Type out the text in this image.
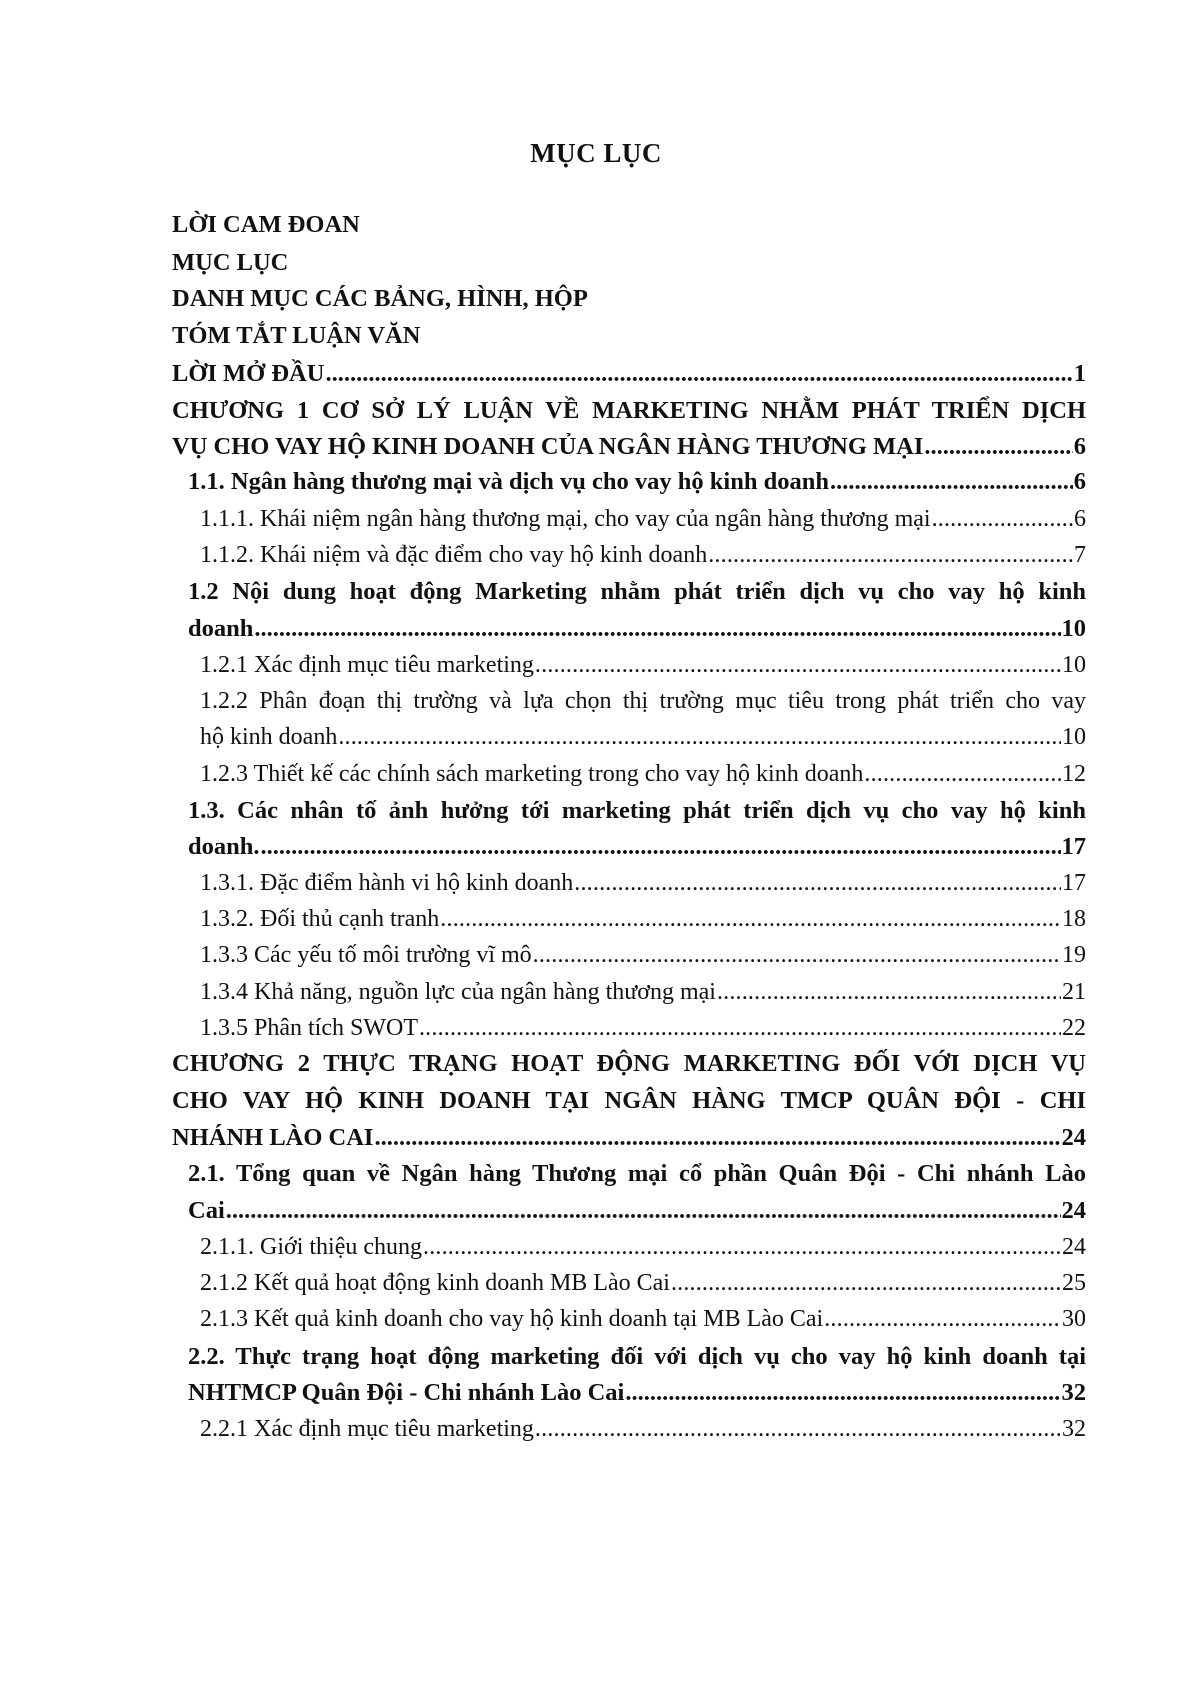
MỤC LỤC
LỜI CAM ĐOAN
MỤC LỤC
DANH MỤC CÁC BẢNG, HÌNH, HỘP
TÓM TẮT LUẬN VĂN
LỜI MỞ ĐẦU .....	1
CHƯƠNG 1 CƠ SỞ LÝ LUẬN VỀ MARKETING NHẰM PHÁT TRIỂN DỊCH
VỤ CHO VAY HỘ KINH DOANH CỦA NGÂN HÀNG THƯƠNG MẠI .....	6
1.1. Ngân hàng thương mại và dịch vụ cho vay hộ kinh doanh .....	6
1.1.1. Khái niệm ngân hàng thương mại, cho vay của ngân hàng thương mại .....	6
1.1.2. Khái niệm và đặc điểm cho vay hộ kinh doanh .....	7
1.2 Nội dung hoạt động Marketing nhằm phát triển dịch vụ cho vay hộ kinh
doanh .....	10
1.2.1 Xác định mục tiêu marketing .....	10
1.2.2 Phân đoạn thị trường và lựa chọn thị trường mục tiêu trong phát triển cho vay
hộ kinh doanh .....	10
1.2.3 Thiết kế các chính sách marketing trong cho vay hộ kinh doanh .....	12
1.3. Các nhân tố ảnh hưởng tới marketing phát triển dịch vụ cho vay hộ kinh
doanh. .....	17
1.3.1. Đặc điểm hành vi hộ kinh doanh .....	17
1.3.2. Đối thủ cạnh tranh .....	18
1.3.3 Các yếu tố môi trường vĩ mô .....	19
1.3.4 Khả năng, nguồn lực của ngân hàng thương mại .....	21
1.3.5 Phân tích SWOT .....	22
CHƯƠNG 2 THỰC TRẠNG HOẠT ĐỘNG MARKETING ĐỐI VỚI DỊCH VỤ
CHO VAY HỘ KINH DOANH TẠI NGÂN HÀNG TMCP QUÂN ĐỘI - CHI
NHÁNH LÀO CAI .....	24
2.1. Tổng quan về Ngân hàng Thương mại cổ phần Quân Đội - Chi nhánh Lào
Cai .....	24
2.1.1. Giới thiệu chung .....	24
2.1.2 Kết quả hoạt động kinh doanh MB Lào Cai .....	25
2.1.3 Kết quả kinh doanh cho vay hộ kinh doanh tại MB Lào Cai .....	30
2.2. Thực trạng hoạt động marketing đối với dịch vụ cho vay hộ kinh doanh tại
NHTMCP Quân Đội - Chi nhánh Lào Cai .....	32
2.2.1 Xác định mục tiêu marketing .....	32
